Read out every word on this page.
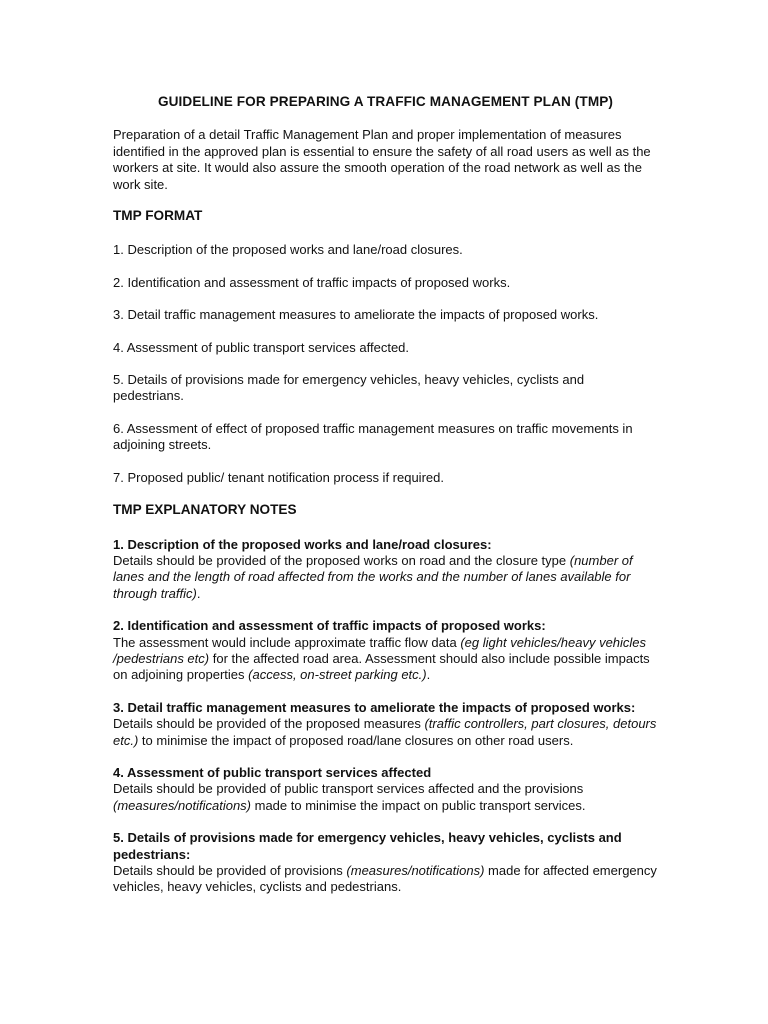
GUIDELINE FOR PREPARING A TRAFFIC MANAGEMENT PLAN (TMP)
Preparation of a detail Traffic Management Plan and proper implementation of measures identified in the approved plan is essential to ensure the safety of all road users as well as the workers at site. It would also assure the smooth operation of the road network as well as the work site.
TMP FORMAT
1. Description of the proposed works and lane/road closures.
2. Identification and assessment of traffic impacts of proposed works.
3. Detail traffic management measures to ameliorate the impacts of proposed works.
4. Assessment of public transport services affected.
5. Details of provisions made for emergency vehicles, heavy vehicles, cyclists and pedestrians.
6. Assessment of effect of proposed traffic management measures on traffic movements in adjoining streets.
7. Proposed public/ tenant notification process if required.
TMP EXPLANATORY NOTES
1. Description of the proposed works and lane/road closures:
Details should be provided of the proposed works on road and the closure type (number of lanes and the length of road affected from the works and the number of lanes available for through traffic).
2. Identification and assessment of traffic impacts of proposed works:
The assessment would include approximate traffic flow data (eg light vehicles/heavy vehicles /pedestrians etc) for the affected road area. Assessment should also include possible impacts on adjoining properties (access, on-street parking etc.).
3. Detail traffic management measures to ameliorate the impacts of proposed works:
Details should be provided of the proposed measures (traffic controllers, part closures, detours etc.) to minimise the impact of proposed road/lane closures on other road users.
4. Assessment of public transport services affected
Details should be provided of public transport services affected and the provisions (measures/notifications) made to minimise the impact on public transport services.
5. Details of provisions made for emergency vehicles, heavy vehicles, cyclists and pedestrians:
Details should be provided of provisions (measures/notifications) made for affected emergency vehicles, heavy vehicles, cyclists and pedestrians.
